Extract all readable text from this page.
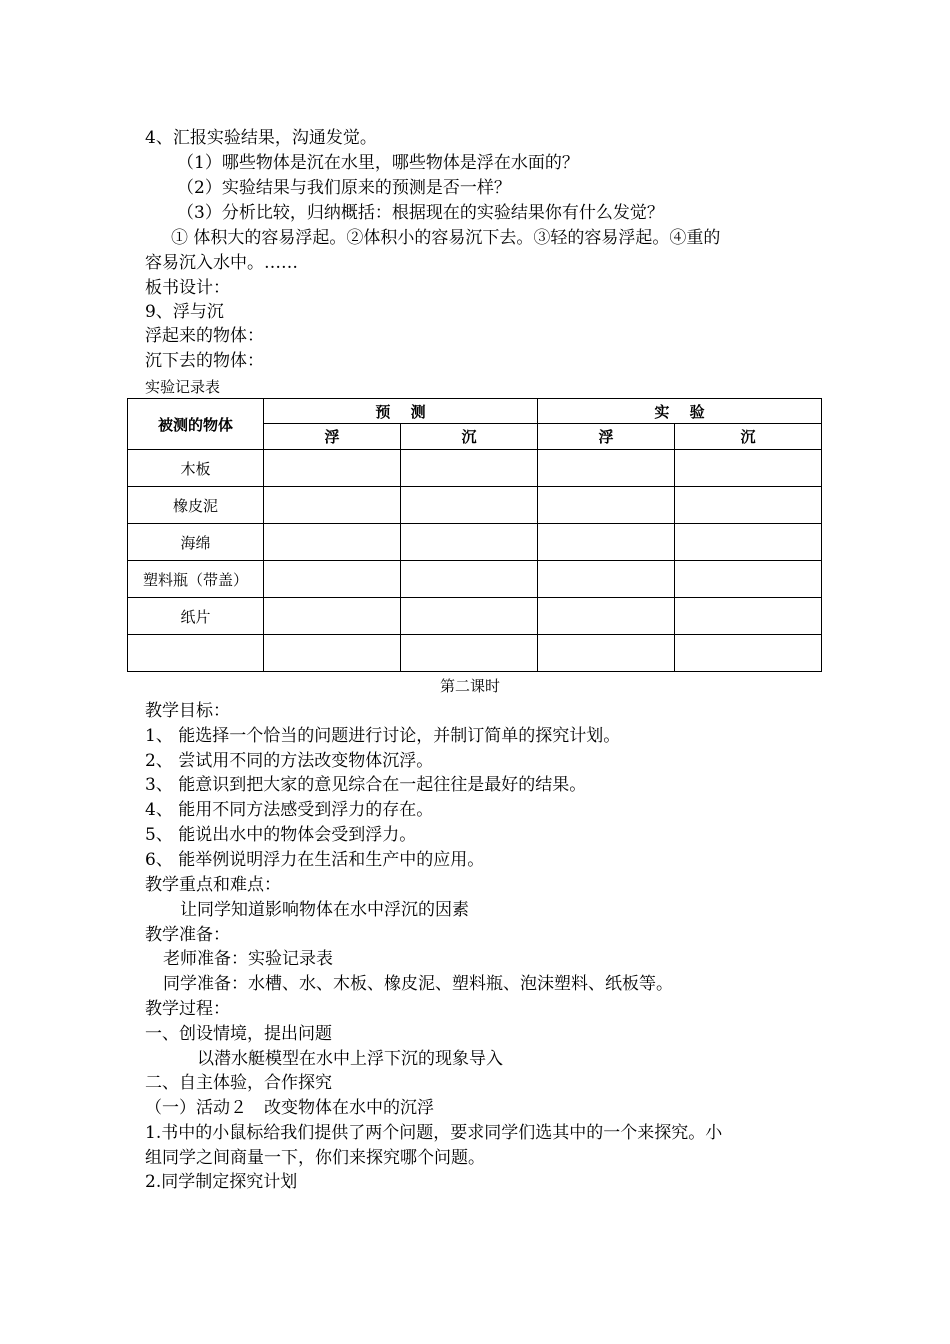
4、汇报实验结果，沟通发觉。
（1）哪些物体是沉在水里，哪些物体是浮在水面的？
（2）实验结果与我们原来的预测是否一样？
（3）分析比较，归纳概括：根据现在的实验结果你有什么发觉？
① 体积大的容易浮起。②体积小的容易沉下去。③轻的容易浮起。④重的
容易沉入水中。……
板书设计：
9、浮与沉
浮起来的物体：
沉下去的物体：
实验记录表
被测的物体	预　 测		实　 验	
	浮	沉	浮	沉
木板				
橡皮泥				
海绵				
塑料瓶（带盖）				
纸片				

第二课时
教学目标：
1、 能选择一个恰当的问题进行讨论，并制订简单的探究计划。
2、 尝试用不同的方法改变物体沉浮。
3、 能意识到把大家的意见综合在一起往往是最好的结果。
4、 能用不同方法感受到浮力的存在。
5、 能说出水中的物体会受到浮力。
6、 能举例说明浮力在生活和生产中的应用。
教学重点和难点：
让同学知道影响物体在水中浮沉的因素
教学准备：
老师准备：实验记录表
同学准备：水槽、水、木板、橡皮泥、塑料瓶、泡沫塑料、纸板等。
教学过程：
一、创设情境，提出问题
以潜水艇模型在水中上浮下沉的现象导入
二、自主体验，合作探究
（一）活动２　改变物体在水中的沉浮
1.书中的小鼠标给我们提供了两个问题，要求同学们选其中的一个来探究。小
组同学之间商量一下，你们来探究哪个问题。
2.同学制定探究计划
